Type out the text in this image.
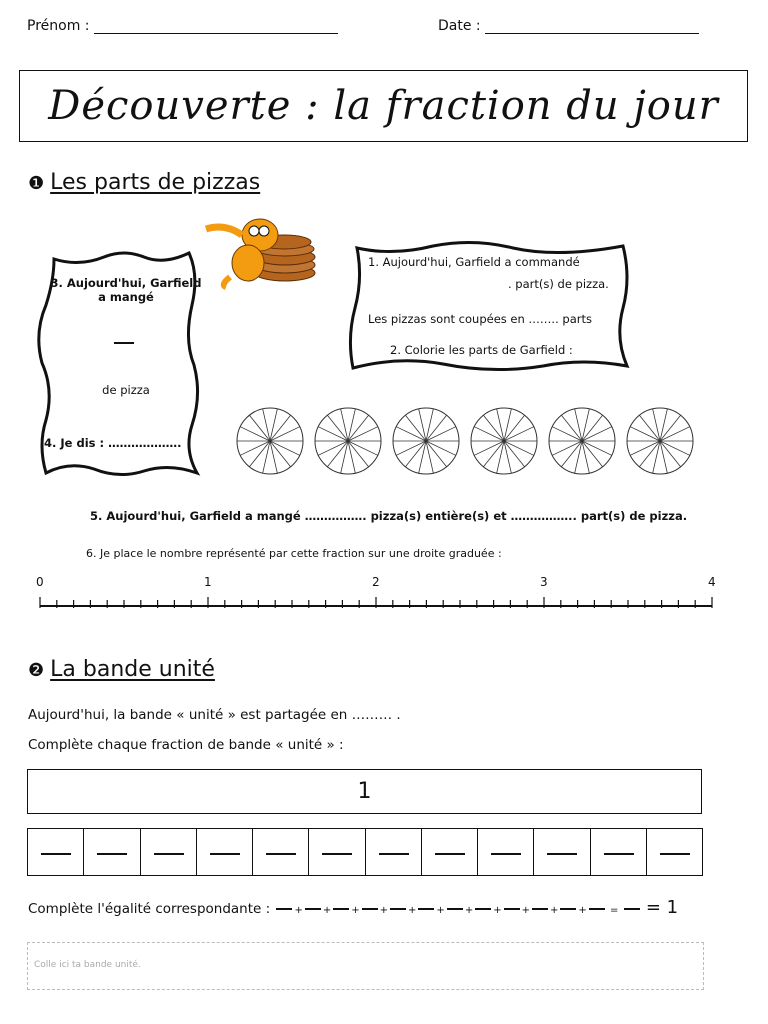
Prénom :	Date :
Découverte : la fraction du jour
❶ Les parts de pizzas
3. Aujourd'hui, Garfield
a mangé
de pizza
4. Je dis : ……………….
1. Aujourd'hui, Garfield a commandé
. part(s) de pizza.
Les pizzas sont coupées en …….. parts
2. Colorie les parts de Garfield :
5. Aujourd'hui, Garfield a mangé ……………. pizza(s) entière(s) et …………….. part(s) de pizza.
6. Je place le nombre représenté par cette fraction sur une droite graduée :
0	1	2	3	4
❷ La bande unité
Aujourd'hui, la bande « unité » est partagée en ……… .
Complète chaque fraction de bande « unité » :
1
Complète l'égalité correspondante : + + + + + + + + + + + =  = 1
Colle ici ta bande unité.
